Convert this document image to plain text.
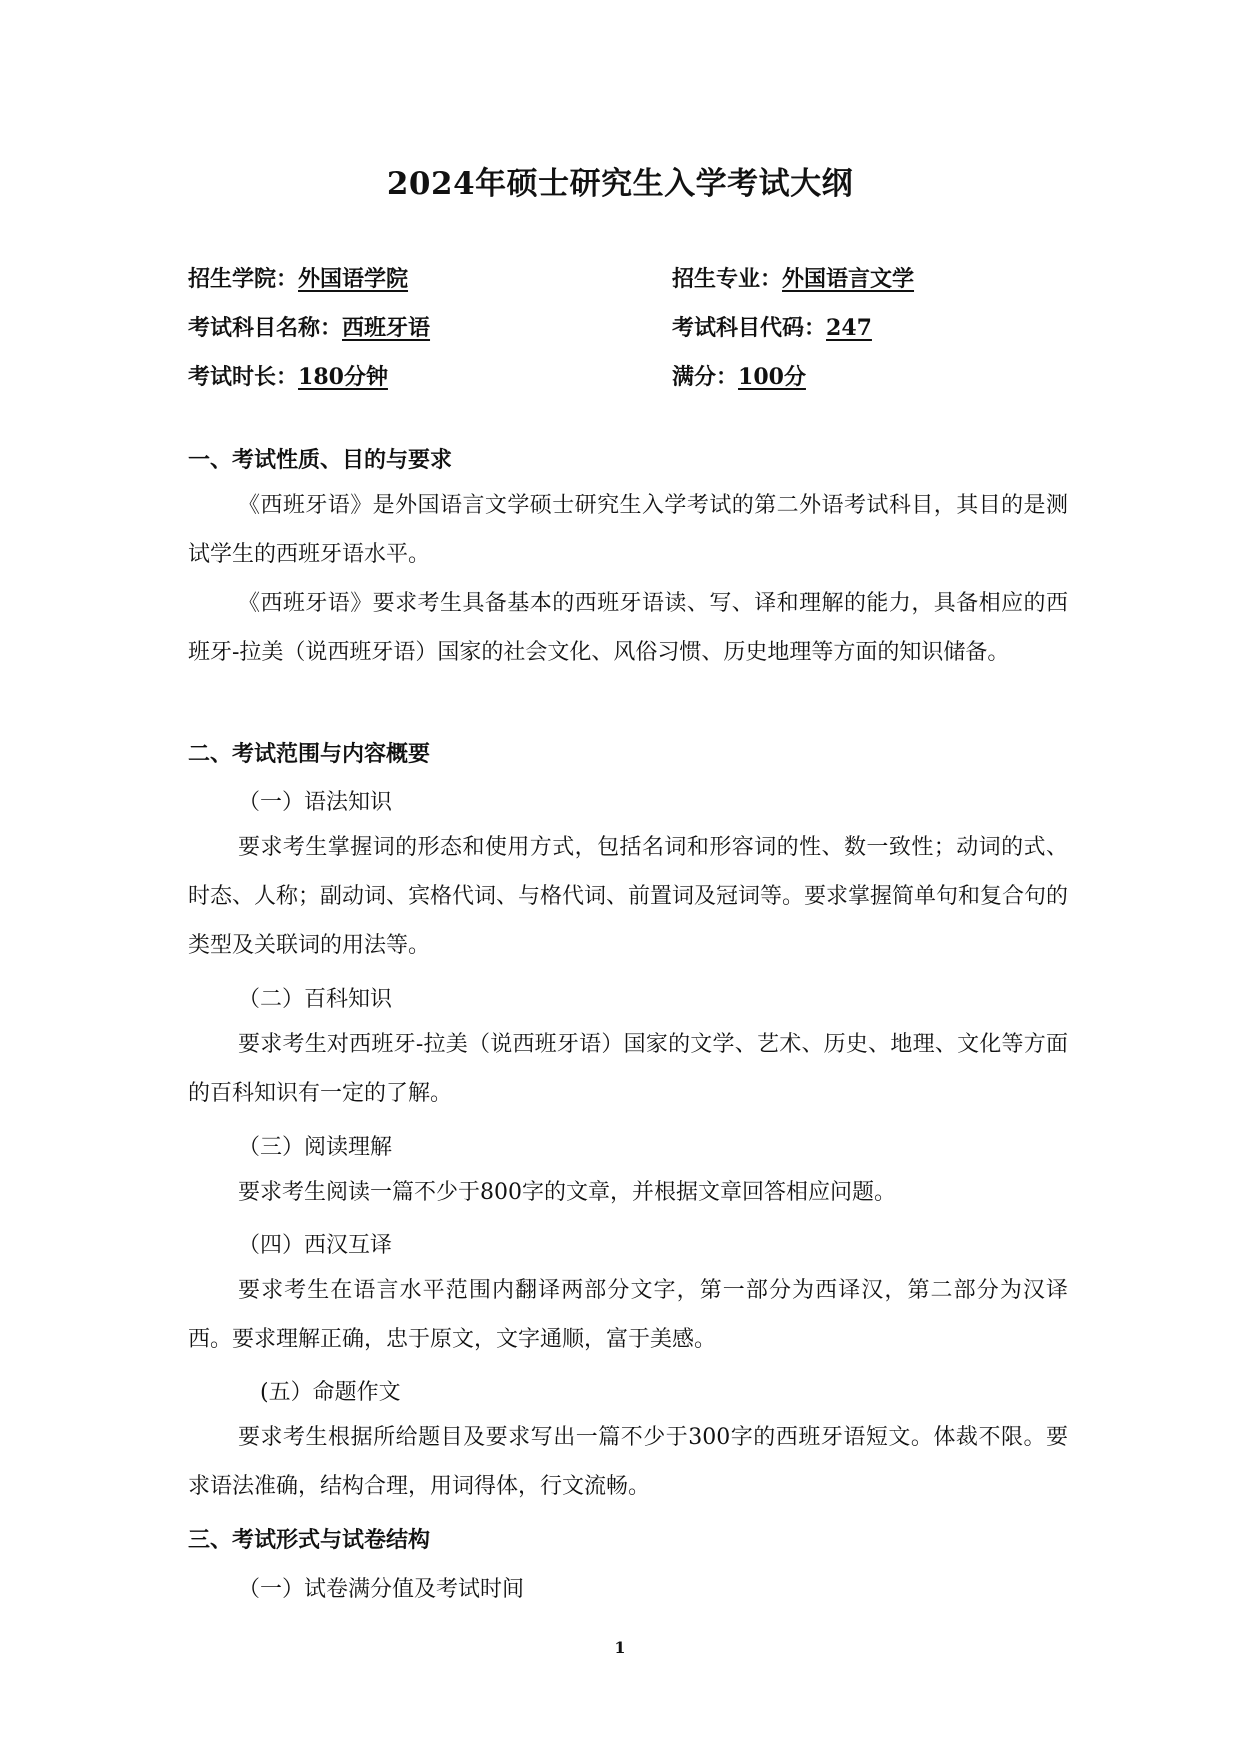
2024年硕士研究生入学考试大纲
招生学院：外国语学院	招生专业：外国语言文学
考试科目名称：西班牙语	考试科目代码：247
考试时长：180分钟	满分：100分
一、考试性质、目的与要求
《西班牙语》是外国语言文学硕士研究生入学考试的第二外语考试科目，其目的是测试学生的西班牙语水平。
《西班牙语》要求考生具备基本的西班牙语读、写、译和理解的能力，具备相应的西班牙-拉美（说西班牙语）国家的社会文化、风俗习惯、历史地理等方面的知识储备。
二、考试范围与内容概要
（一）语法知识
要求考生掌握词的形态和使用方式，包括名词和形容词的性、数一致性；动词的式、时态、人称；副动词、宾格代词、与格代词、前置词及冠词等。要求掌握简单句和复合句的类型及关联词的用法等。
（二）百科知识
要求考生对西班牙-拉美（说西班牙语）国家的文学、艺术、历史、地理、文化等方面的百科知识有一定的了解。
（三）阅读理解
要求考生阅读一篇不少于800字的文章，并根据文章回答相应问题。
（四）西汉互译
要求考生在语言水平范围内翻译两部分文字，第一部分为西译汉，第二部分为汉译西。要求理解正确，忠于原文，文字通顺，富于美感。
(五）命题作文
要求考生根据所给题目及要求写出一篇不少于300字的西班牙语短文。体裁不限。要求语法准确，结构合理，用词得体，行文流畅。
三、考试形式与试卷结构
（一）试卷满分值及考试时间
1
